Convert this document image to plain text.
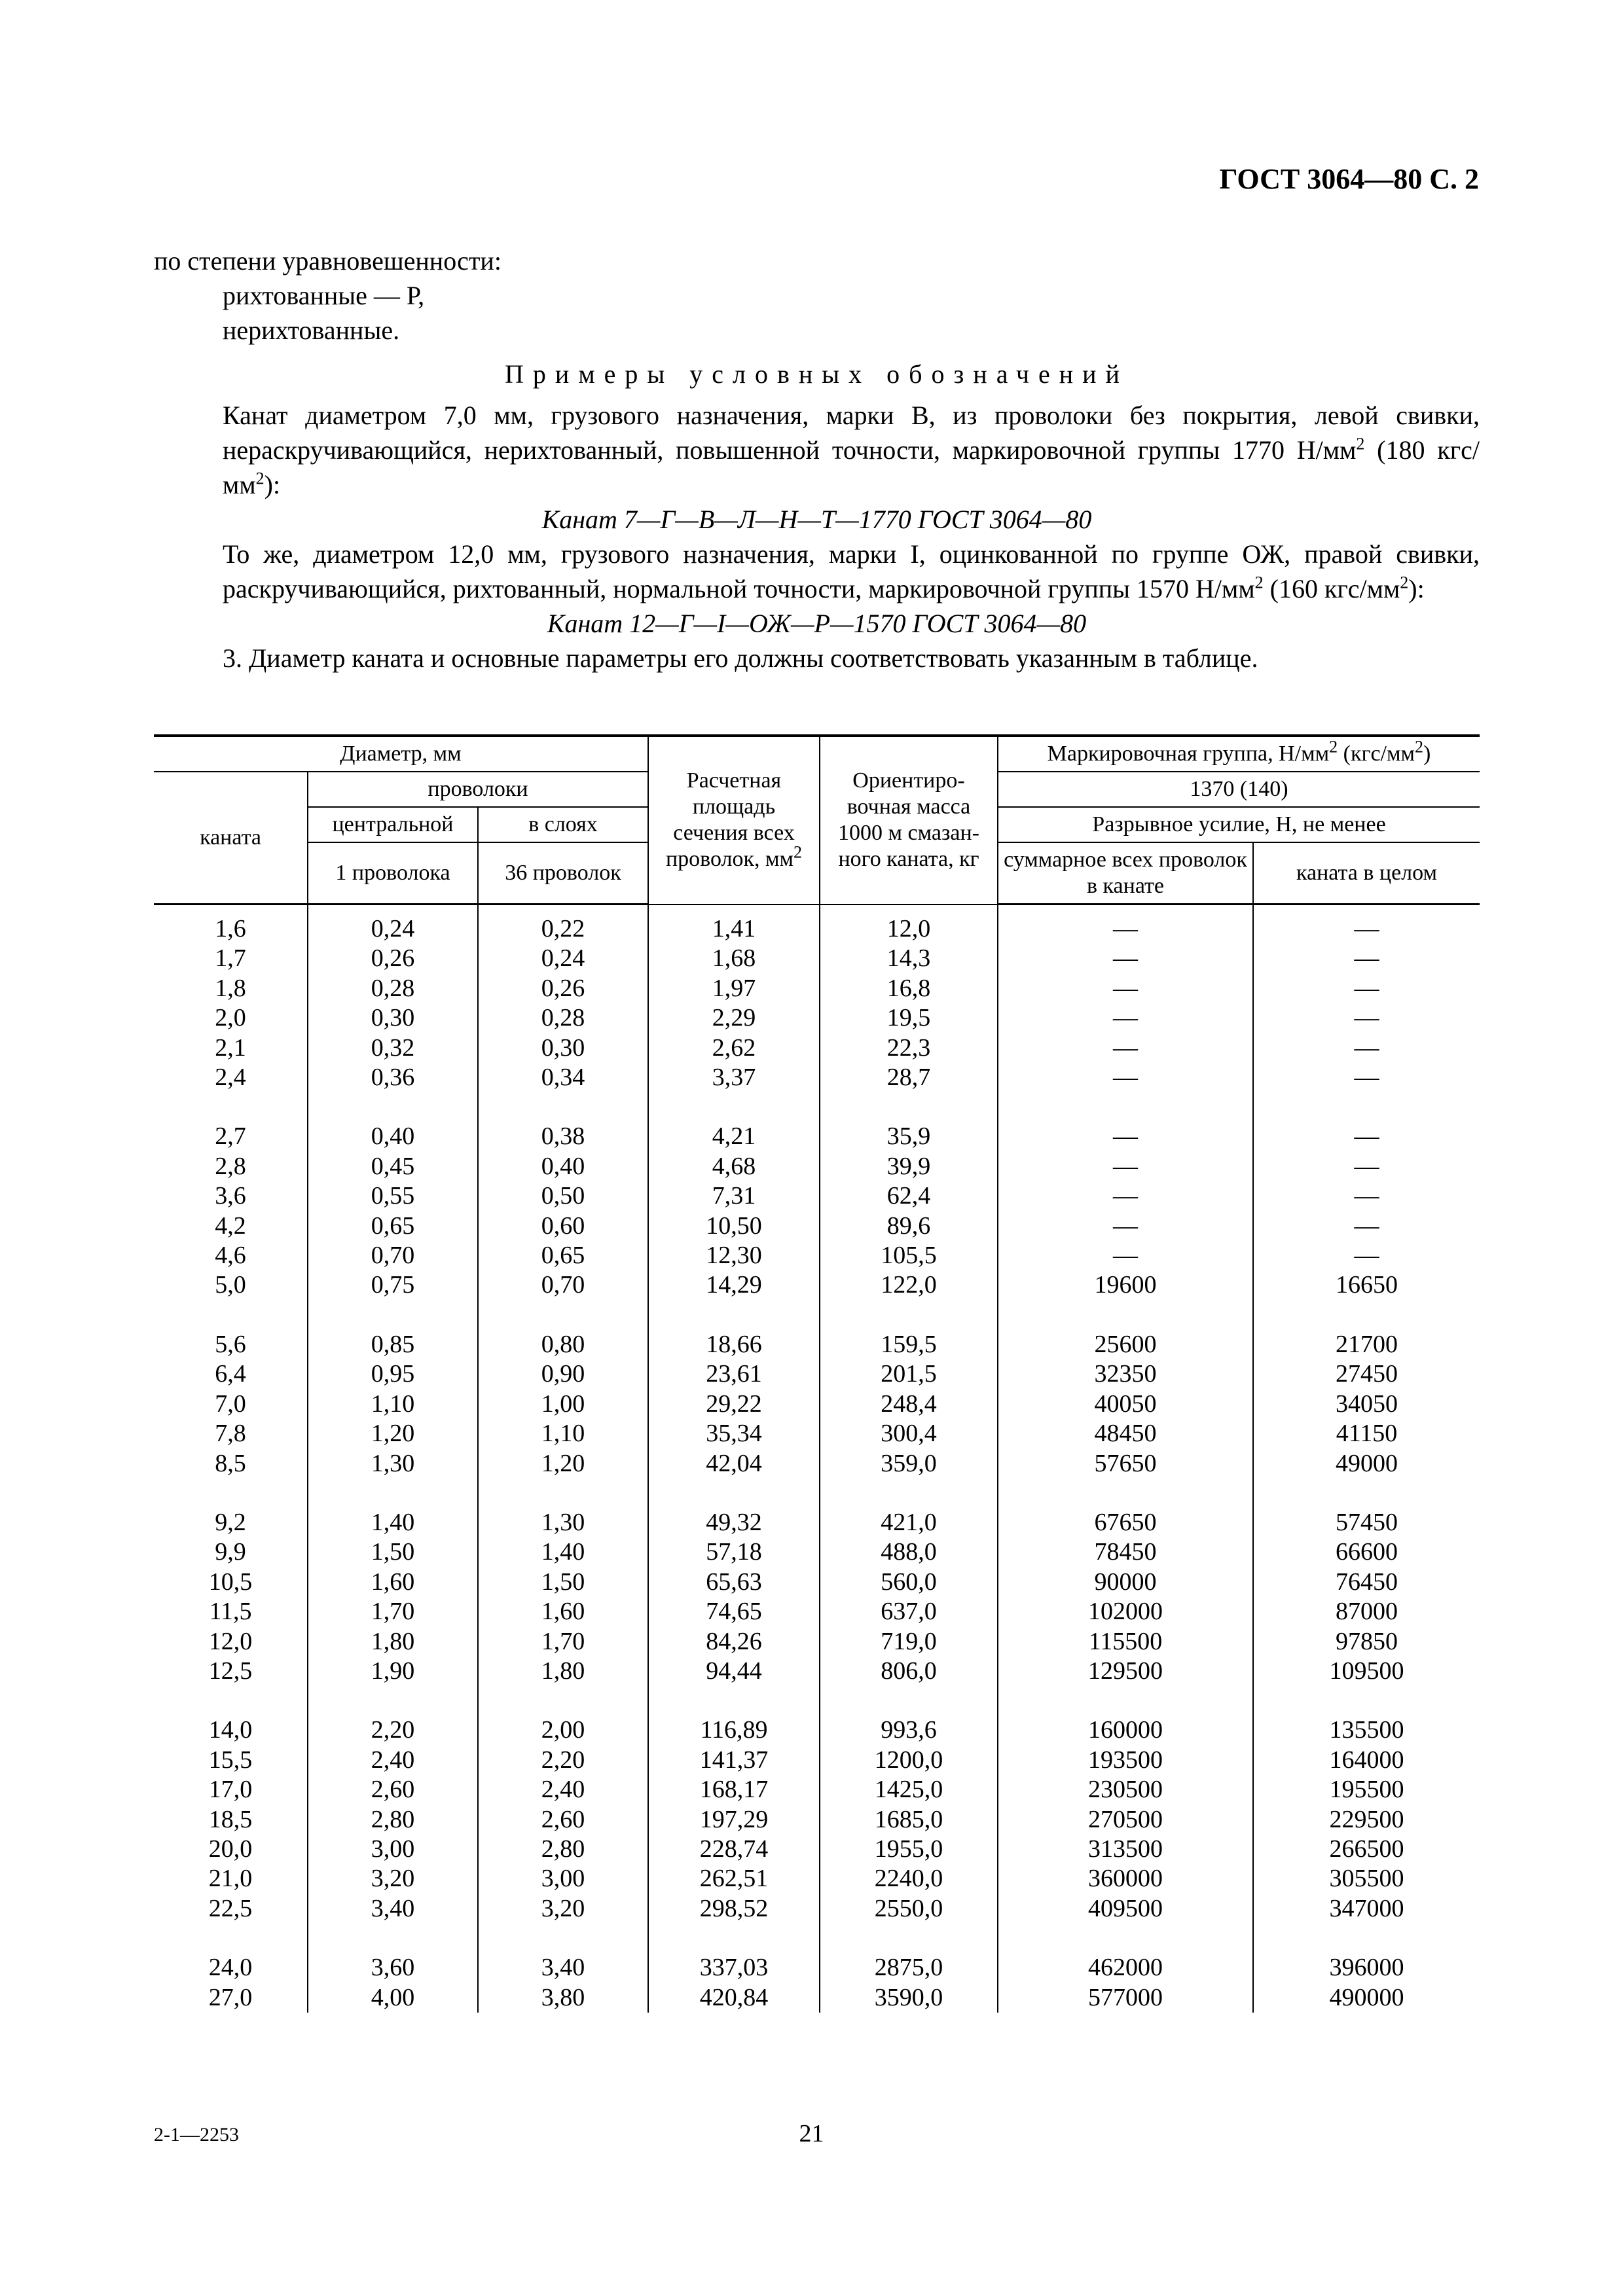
ГОСТ 3064—80 С. 2

по степени уравновешенности:

рихтованные — Р,

нерихтованные.

Примеры условных обозначений

Канат диаметром 7,0 мм, грузового назначения, марки В, из проволоки без покрытия, левой свивки, нераскручивающийся, нерихтованный, повышенной точности, маркировочной группы 1770 $Н/мм^2$ (180 кгс/$мм^2$):

Канат 7—Г—В—Л—Н—Т—1770 ГОСТ 3064—80

То же, диаметром 12,0 мм, грузового назначения, марки I, оцинкованной по группе ОЖ, правой свивки, раскручивающийся, рихтованный, нормальной точности, маркировочной группы 1570 $Н/мм^2$ (160 кгс/$мм^2$):

Канат 12—Г—I—ОЖ—Р—1570 ГОСТ 3064—80

3. Диаметр каната и основные параметры его должны соответствовать указанным в таблице.

Диаметр, мм			Расчетная площадь сечения всех проволок, $мм^2$	Ориентиро-вочная масса 1000 м смазан-ного каната, кг	Маркировочная группа, $Н/мм^2$ $(кгс/мм^2)$	
каната	проволоки				1370 (140)	
	центральной	в слоях			Разрывное усилие, Н, не менее	
	1 проволока	36 проволок			суммарное всех проволок в канате	каната в целом
1,6	0,24	0,22	1,41	12,0	—	—
1,7	0,26	0,24	1,68	14,3	—	—
1,8	0,28	0,26	1,97	16,8	—	—
2,0	0,30	0,28	2,29	19,5	—	—
2,1	0,32	0,30	2,62	22,3	—	—
2,4	0,36	0,34	3,37	28,7	—	—
2,7	0,40	0,38	4,21	35,9	—	—
2,8	0,45	0,40	4,68	39,9	—	—
3,6	0,55	0,50	7,31	62,4	—	—
4,2	0,65	0,60	10,50	89,6	—	—
4,6	0,70	0,65	12,30	105,5	—	—
5,0	0,75	0,70	14,29	122,0	19600	16650
5,6	0,85	0,80	18,66	159,5	25600	21700
6,4	0,95	0,90	23,61	201,5	32350	27450
7,0	1,10	1,00	29,22	248,4	40050	34050
7,8	1,20	1,10	35,34	300,4	48450	41150
8,5	1,30	1,20	42,04	359,0	57650	49000
9,2	1,40	1,30	49,32	421,0	67650	57450
9,9	1,50	1,40	57,18	488,0	78450	66600
10,5	1,60	1,50	65,63	560,0	90000	76450
11,5	1,70	1,60	74,65	637,0	102000	87000
12,0	1,80	1,70	84,26	719,0	115500	97850
12,5	1,90	1,80	94,44	806,0	129500	109500
14,0	2,20	2,00	116,89	993,6	160000	135500
15,5	2,40	2,20	141,37	1200,0	193500	164000
17,0	2,60	2,40	168,17	1425,0	230500	195500
18,5	2,80	2,60	197,29	1685,0	270500	229500
20,0	3,00	2,80	228,74	1955,0	313500	266500
21,0	3,20	3,00	262,51	2240,0	360000	305500
22,5	3,40	3,20	298,52	2550,0	409500	347000
24,0	3,60	3,40	337,03	2875,0	462000	396000
27,0	4,00	3,80	420,84	3590,0	577000	490000
2-1—2253	21
